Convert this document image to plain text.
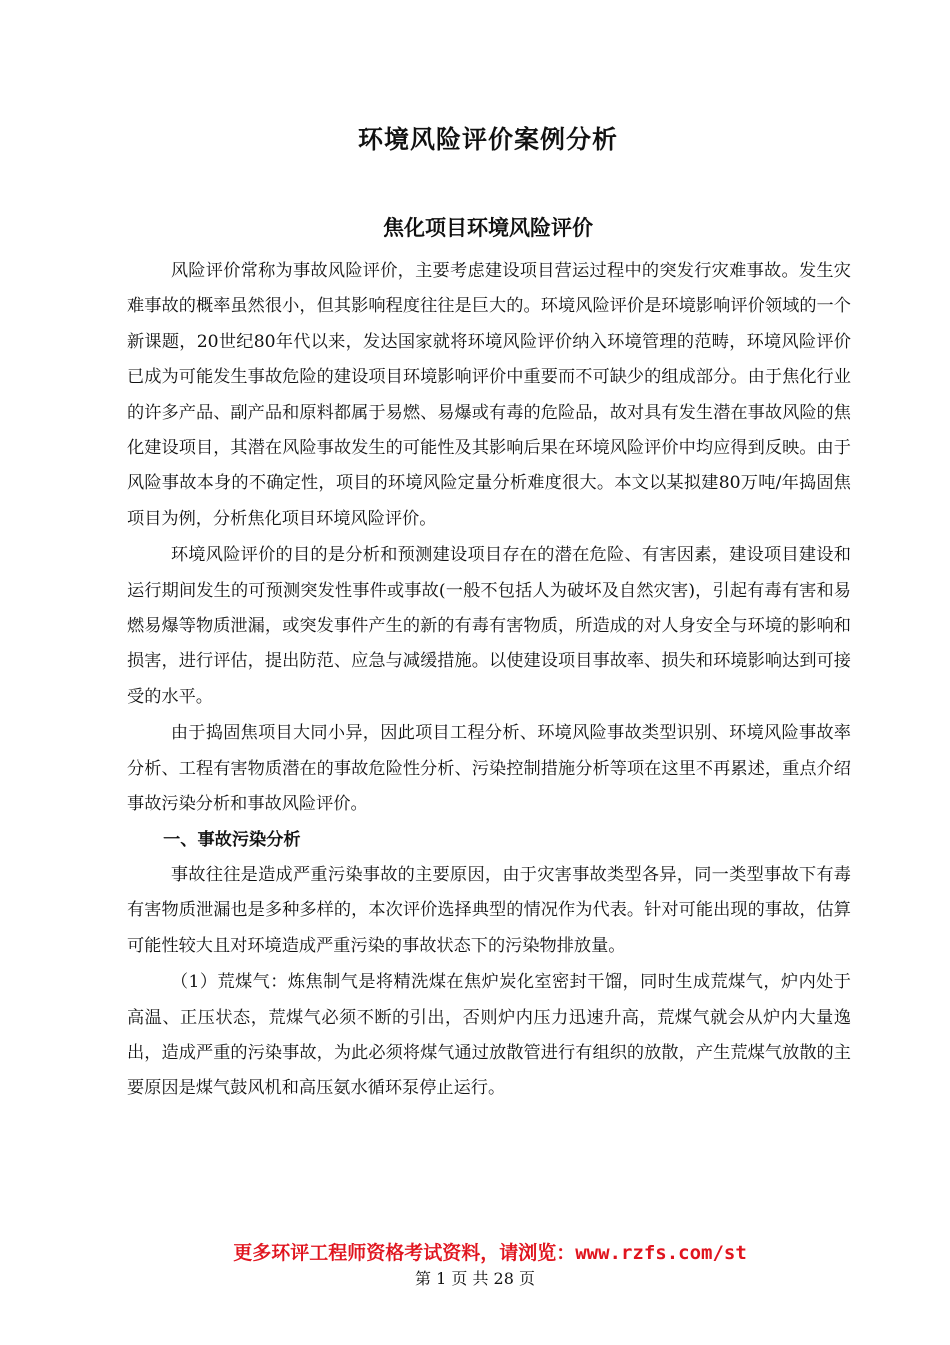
环境风险评价案例分析
焦化项目环境风险评价

风险评价常称为事故风险评价，主要考虑建设项目营运过程中的突发行灾难事故。发生灾难事故的概率虽然很小，但其影响程度往往是巨大的。环境风险评价是环境影响评价领域的一个新课题，20世纪80年代以来，发达国家就将环境风险评价纳入环境管理的范畴，环境风险评价已成为可能发生事故危险的建设项目环境影响评价中重要而不可缺少的组成部分。由于焦化行业的许多产品、副产品和原料都属于易燃、易爆或有毒的危险品，故对具有发生潜在事故风险的焦化建设项目，其潜在风险事故发生的可能性及其影响后果在环境风险评价中均应得到反映。由于风险事故本身的不确定性，项目的环境风险定量分析难度很大。本文以某拟建80万吨/年捣固焦项目为例，分析焦化项目环境风险评价。

环境风险评价的目的是分析和预测建设项目存在的潜在危险、有害因素，建设项目建设和运行期间发生的可预测突发性事件或事故(一般不包括人为破坏及自然灾害)，引起有毒有害和易燃易爆等物质泄漏，或突发事件产生的新的有毒有害物质，所造成的对人身安全与环境的影响和损害，进行评估，提出防范、应急与减缓措施。以使建设项目事故率、损失和环境影响达到可接受的水平。

由于捣固焦项目大同小异，因此项目工程分析、环境风险事故类型识别、环境风险事故率分析、工程有害物质潜在的事故危险性分析、污染控制措施分析等项在这里不再累述，重点介绍事故污染分析和事故风险评价。

一、事故污染分析

事故往往是造成严重污染事故的主要原因，由于灾害事故类型各异，同一类型事故下有毒有害物质泄漏也是多种多样的，本次评价选择典型的情况作为代表。针对可能出现的事故，估算可能性较大且对环境造成严重污染的事故状态下的污染物排放量。

（1）荒煤气：炼焦制气是将精洗煤在焦炉炭化室密封干馏，同时生成荒煤气，炉内处于高温、正压状态，荒煤气必须不断的引出，否则炉内压力迅速升高，荒煤气就会从炉内大量逸出，造成严重的污染事故，为此必须将煤气通过放散管进行有组织的放散，产生荒煤气放散的主要原因是煤气鼓风机和高压氨水循环泵停止运行。

更多环评工程师资格考试资料，请浏览：www.rzfs.com/st

第 1 页 共 28 页
